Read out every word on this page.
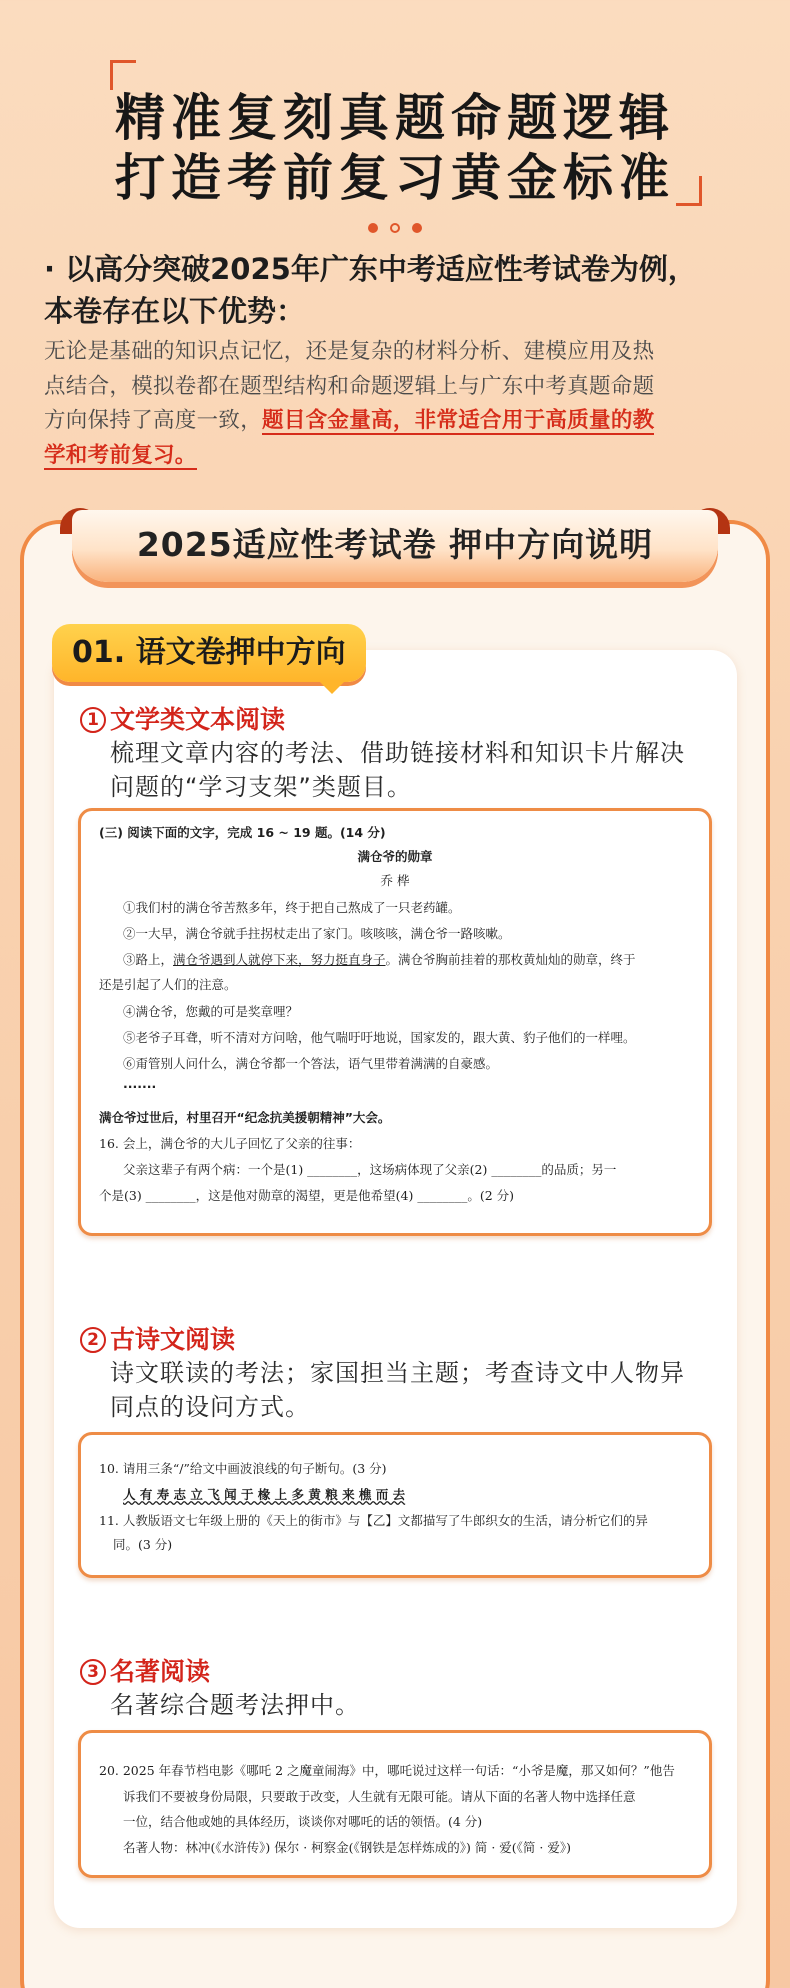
精准复刻真题命题逻辑
打造考前复习黄金标准
· 以高分突破2025年广东中考适应性考试卷为例，
本卷存在以下优势：
无论是基础的知识点记忆，还是复杂的材料分析、建模应用及热
点结合，模拟卷都在题型结构和命题逻辑上与广东中考真题命题
方向保持了高度一致，题目含金量高，非常适合用于高质量的教
学和考前复习。
2025适应性考试卷 押中方向说明
01. 语文卷押中方向
1 文学类文本阅读
梳理文章内容的考法、借助链接材料和知识卡片解决
问题的“学习支架”类题目。
(三) 阅读下面的文字，完成 16 ~ 19 题。(14 分)
满仓爷的勋章
乔 桦
①我们村的满仓爷苦熬多年，终于把自己熬成了一只老药罐。
②一大早，满仓爷就手拄拐杖走出了家门。咳咳咳，满仓爷一路咳嗽。
③路上，满仓爷遇到人就停下来，努力挺直身子。满仓爷胸前挂着的那枚黄灿灿的勋章，终于
还是引起了人们的注意。
④满仓爷，您戴的可是奖章哩？
⑤老爷子耳聋，听不清对方问啥，他气喘吁吁地说，国家发的，跟大黄、豹子他们的一样哩。
⑥甭管别人问什么，满仓爷都一个答法，语气里带着满满的自豪感。
·······
满仓爷过世后，村里召开“纪念抗美援朝精神”大会。
16. 会上，满仓爷的大儿子回忆了父亲的往事：
父亲这辈子有两个病：一个是(1) ________，这场病体现了父亲(2) ________的品质；另一
个是(3) ________，这是他对勋章的渴望，更是他希望(4) ________。(2 分)
2 古诗文阅读
诗文联读的考法；家国担当主题；考查诗文中人物异
同点的设问方式。
10. 请用三条“/”给文中画波浪线的句子断句。(3 分)
人 有 寿 志 立 飞 闻 于 椽 上 多 黄 粮 来 樵 而 去
11. 人教版语文七年级上册的《天上的街市》与【乙】文都描写了牛郎织女的生活，请分析它们的异
同。(3 分)
3 名著阅读
名著综合题考法押中。
20. 2025 年春节档电影《哪吒 2 之魔童闹海》中，哪吒说过这样一句话：“小爷是魔，那又如何？”他告
诉我们不要被身份局限，只要敢于改变，人生就有无限可能。请从下面的名著人物中选择任意
一位，结合他或她的具体经历，谈谈你对哪吒的话的领悟。(4 分)
名著人物：林冲(《水浒传》) 保尔 · 柯察金(《钢铁是怎样炼成的》) 简 · 爱(《简 · 爱》)
